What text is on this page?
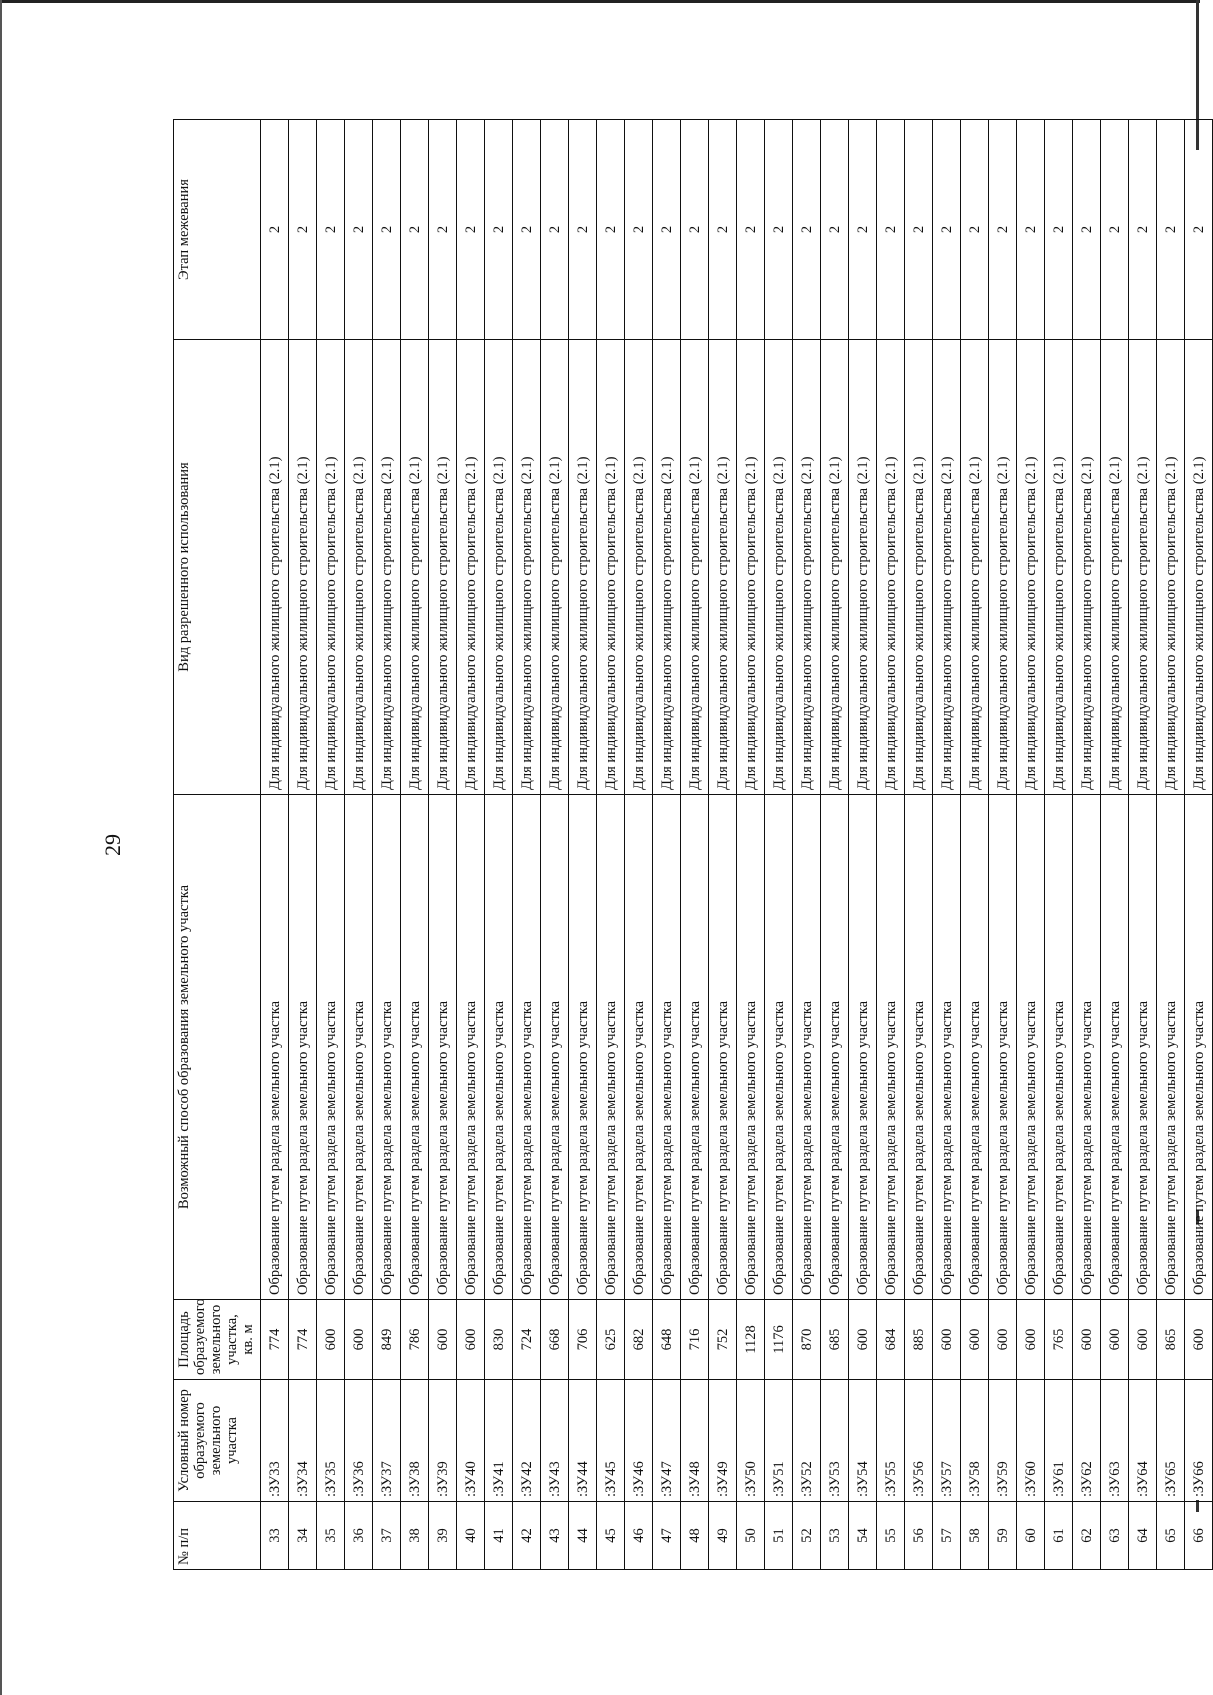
29
№ п/п	Условный номер образуемого земельного участка	Площадь образуемого земельного участка, кв. м	Возможный способ образования земельного участка	Вид разрешенного использования	Этап межевания
33	:ЗУ33	774	Образование путем раздела земельного участка	Для индивидуального жилищного строительства (2.1)	2
34	:ЗУ34	774	Образование путем раздела земельного участка	Для индивидуального жилищного строительства (2.1)	2
35	:ЗУ35	600	Образование путем раздела земельного участка	Для индивидуального жилищного строительства (2.1)	2
36	:ЗУ36	600	Образование путем раздела земельного участка	Для индивидуального жилищного строительства (2.1)	2
37	:ЗУ37	849	Образование путем раздела земельного участка	Для индивидуального жилищного строительства (2.1)	2
38	:ЗУ38	786	Образование путем раздела земельного участка	Для индивидуального жилищного строительства (2.1)	2
39	:ЗУ39	600	Образование путем раздела земельного участка	Для индивидуального жилищного строительства (2.1)	2
40	:ЗУ40	600	Образование путем раздела земельного участка	Для индивидуального жилищного строительства (2.1)	2
41	:ЗУ41	830	Образование путем раздела земельного участка	Для индивидуального жилищного строительства (2.1)	2
42	:ЗУ42	724	Образование путем раздела земельного участка	Для индивидуального жилищного строительства (2.1)	2
43	:ЗУ43	668	Образование путем раздела земельного участка	Для индивидуального жилищного строительства (2.1)	2
44	:ЗУ44	706	Образование путем раздела земельного участка	Для индивидуального жилищного строительства (2.1)	2
45	:ЗУ45	625	Образование путем раздела земельного участка	Для индивидуального жилищного строительства (2.1)	2
46	:ЗУ46	682	Образование путем раздела земельного участка	Для индивидуального жилищного строительства (2.1)	2
47	:ЗУ47	648	Образование путем раздела земельного участка	Для индивидуального жилищного строительства (2.1)	2
48	:ЗУ48	716	Образование путем раздела земельного участка	Для индивидуального жилищного строительства (2.1)	2
49	:ЗУ49	752	Образование путем раздела земельного участка	Для индивидуального жилищного строительства (2.1)	2
50	:ЗУ50	1128	Образование путем раздела земельного участка	Для индивидуального жилищного строительства (2.1)	2
51	:ЗУ51	1176	Образование путем раздела земельного участка	Для индивидуального жилищного строительства (2.1)	2
52	:ЗУ52	870	Образование путем раздела земельного участка	Для индивидуального жилищного строительства (2.1)	2
53	:ЗУ53	685	Образование путем раздела земельного участка	Для индивидуального жилищного строительства (2.1)	2
54	:ЗУ54	600	Образование путем раздела земельного участка	Для индивидуального жилищного строительства (2.1)	2
55	:ЗУ55	684	Образование путем раздела земельного участка	Для индивидуального жилищного строительства (2.1)	2
56	:ЗУ56	885	Образование путем раздела земельного участка	Для индивидуального жилищного строительства (2.1)	2
57	:ЗУ57	600	Образование путем раздела земельного участка	Для индивидуального жилищного строительства (2.1)	2
58	:ЗУ58	600	Образование путем раздела земельного участка	Для индивидуального жилищного строительства (2.1)	2
59	:ЗУ59	600	Образование путем раздела земельного участка	Для индивидуального жилищного строительства (2.1)	2
60	:ЗУ60	600	Образование путем раздела земельного участка	Для индивидуального жилищного строительства (2.1)	2
61	:ЗУ61	765	Образование путем раздела земельного участка	Для индивидуального жилищного строительства (2.1)	2
62	:ЗУ62	600	Образование путем раздела земельного участка	Для индивидуального жилищного строительства (2.1)	2
63	:ЗУ63	600	Образование путем раздела земельного участка	Для индивидуального жилищного строительства (2.1)	2
64	:ЗУ64	600	Образование путем раздела земельного участка	Для индивидуального жилищного строительства (2.1)	2
65	:ЗУ65	865	Образование путем раздела земельного участка	Для индивидуального жилищного строительства (2.1)	2
66	:ЗУ66	600	Образование путем раздела земельного участка	Для индивидуального жилищного строительства (2.1)	2
